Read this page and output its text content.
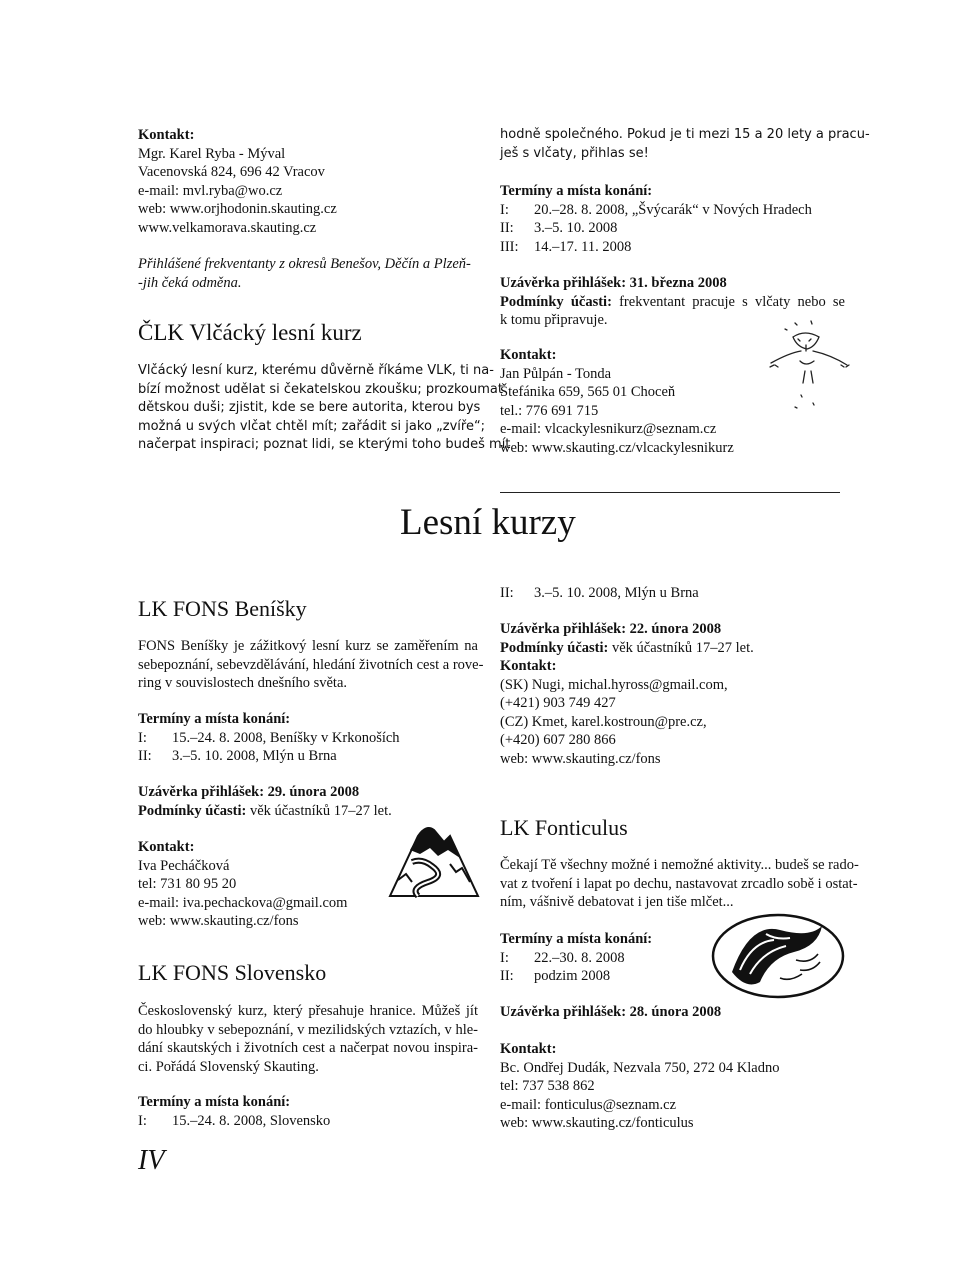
Kontakt:
Mgr. Karel Ryba - Mýval
Vacenovská 824, 696 42 Vracov
e-mail: mvl.ryba@wo.cz
web: www.orjhodonin.skauting.cz
www.velkamorava.skauting.cz
Přihlášené frekventanty z okresů Benešov, Děčín a Plzeň-
-jih čeká odměna.
ČLK Vlčácký lesní kurz
Vlčácký lesní kurz, kterému důvěrně říkáme VLK, ti na-
bízí možnost udělat si čekatelskou zkoušku; prozkoumat
dětskou duši; zjistit, kde se bere autorita, kterou bys
možná u svých vlčat chtěl mít; zařádit si jako „zvíře“;
načerpat inspiraci; poznat lidi, se kterými toho budeš mít
hodně společného. Pokud je ti mezi 15 a 20 lety a pracu-
ješ s vlčaty, přihlas se!
Termíny a místa konání:
I: 20.–28. 8. 2008, „Švýcarák“ v Nových Hradech
II: 3.–5. 10. 2008
III: 14.–17. 11. 2008
Uzávěrka přihlášek: 31. března 2008
Podmínky účasti: frekventant pracuje s vlčaty nebo se
k tomu připravuje.
Kontakt:
Jan Půlpán - Tonda
Štefánika 659, 565 01 Choceň
tel.: 776 691 715
e-mail: vlcackylesnikurz@seznam.cz
web: www.skauting.cz/vlcackylesnikurz
Lesní kurzy
LK FONS Beníšky
FONS Beníšky je zážitkový lesní kurz se zaměřením na
sebepoznání, sebevzdělávání, hledání životních cest a rove-
ring v souvislostech dnešního světa.
Termíny a místa konání:
I: 15.–24. 8. 2008, Beníšky v Krkonoších
II: 3.–5. 10. 2008, Mlýn u Brna
Uzávěrka přihlášek: 29. února 2008
Podmínky účasti: věk účastníků 17–27 let.
Kontakt:
Iva Pecháčková
tel: 731 80 95 20
e-mail: iva.pechackova@gmail.com
web: www.skauting.cz/fons
LK FONS Slovensko
Československý kurz, který přesahuje hranice. Můžeš jít
do hloubky v sebepoznání, v mezilidských vztazích, v hle-
dání skautských i životních cest a načerpat novou inspira-
ci. Pořádá Slovenský Skauting.
Termíny a místa konání:
I: 15.–24. 8. 2008, Slovensko
IV
II: 3.–5. 10. 2008, Mlýn u Brna
Uzávěrka přihlášek: 22. února 2008
Podmínky účasti: věk účastníků 17–27 let.
Kontakt:
(SK) Nugi, michal.hyross@gmail.com,
(+421) 903 749 427
(CZ) Kmet, karel.kostroun@pre.cz,
(+420) 607 280 866
web: www.skauting.cz/fons
LK Fonticulus
Čekají Tě všechny možné i nemožné aktivity... budeš se rado-
vat z tvoření i lapat po dechu, nastavovat zrcadlo sobě i ostat-
ním, vášnivě debatovat i jen tiše mlčet...
Termíny a místa konání:
I: 22.–30. 8. 2008
II: podzim 2008
Uzávěrka přihlášek: 28. února 2008
Kontakt:
Bc. Ondřej Dudák, Nezvala 750, 272 04 Kladno
tel: 737 538 862
e-mail: fonticulus@seznam.cz
web: www.skauting.cz/fonticulus
